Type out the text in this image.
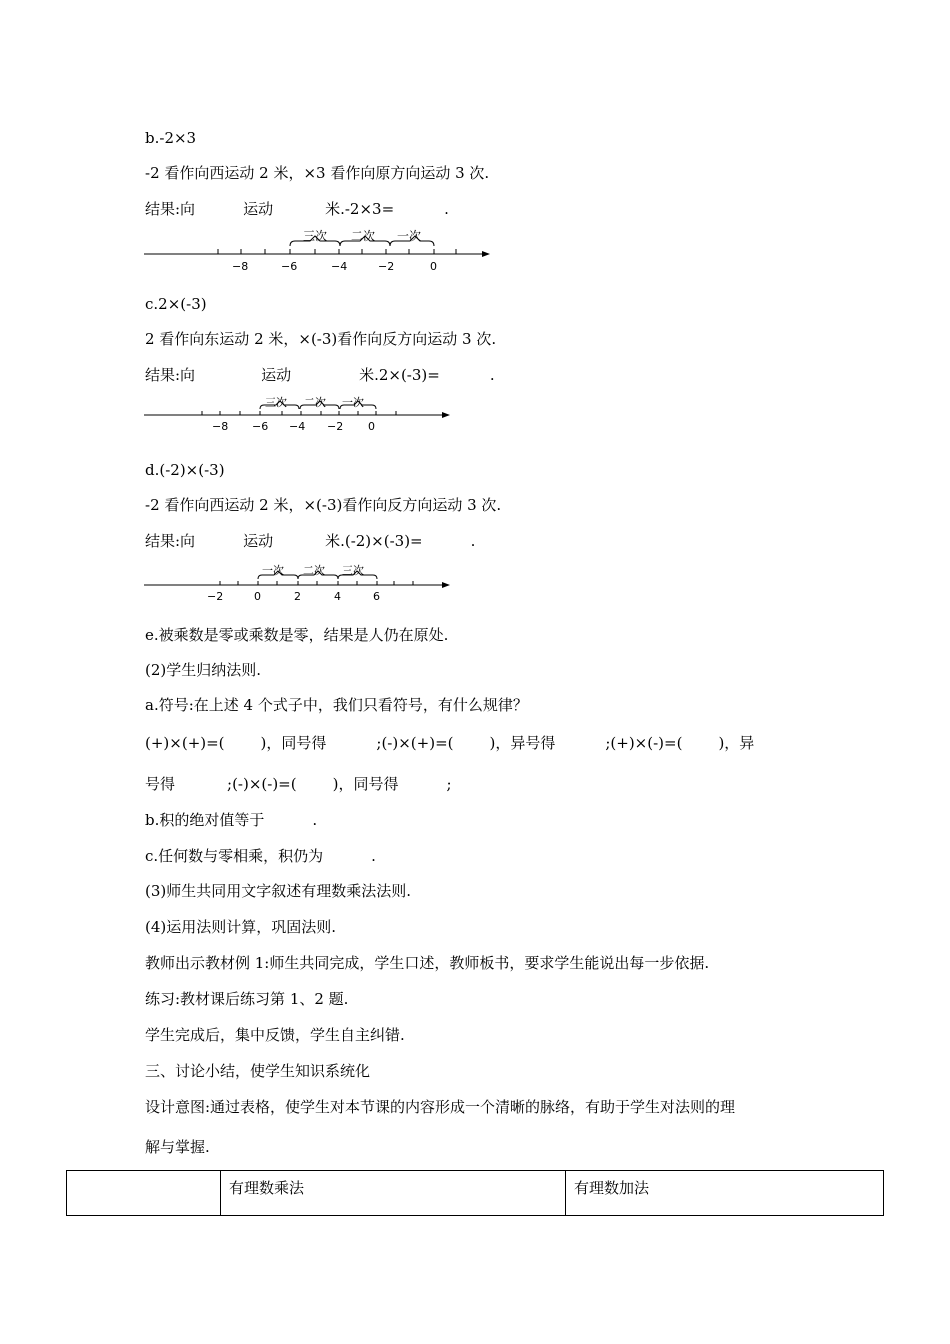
b.-2×3
-2 看作向西运动 2 米，×3 看作向原方向运动 3 次.
结果:向	运动	米.-2×3=	.
三次 二次 一次
−8	−6	−4	−2	0
c.2×(-3)
2 看作向东运动 2 米，×(-3)看作向反方向运动 3 次.
结果:向	运动	米.2×(-3)=	.
三次 二次 一次
−8 −6 −4 −2 0
d.(-2)×(-3)
-2 看作向西运动 2 米，×(-3)看作向反方向运动 3 次.
结果:向	运动	米.(-2)×(-3)=	.
一次 二次 三次
−2	0	2	4	6
e.被乘数是零或乘数是零，结果是人仍在原处.
(2)学生归纳法则.
a.符号:在上述 4 个式子中，我们只看符号，有什么规律？
(+)×(+)=( )，同号得	;(-)×(+)=( )，异号得	;(+)×(-)=( )，异
号得	;(-)×(-)=( )，同号得	;
b.积的绝对值等于	.
c.任何数与零相乘，积仍为	.
(3)师生共同用文字叙述有理数乘法法则.
(4)运用法则计算，巩固法则.
教师出示教材例 1:师生共同完成，学生口述，教师板书，要求学生能说出每一步依据.
练习:教材课后练习第 1、2 题.
学生完成后，集中反馈，学生自主纠错.
三、讨论小结，使学生知识系统化
设计意图:通过表格，使学生对本节课的内容形成一个清晰的脉络，有助于学生对法则的理
解与掌握.
	有理数乘法	有理数加法
